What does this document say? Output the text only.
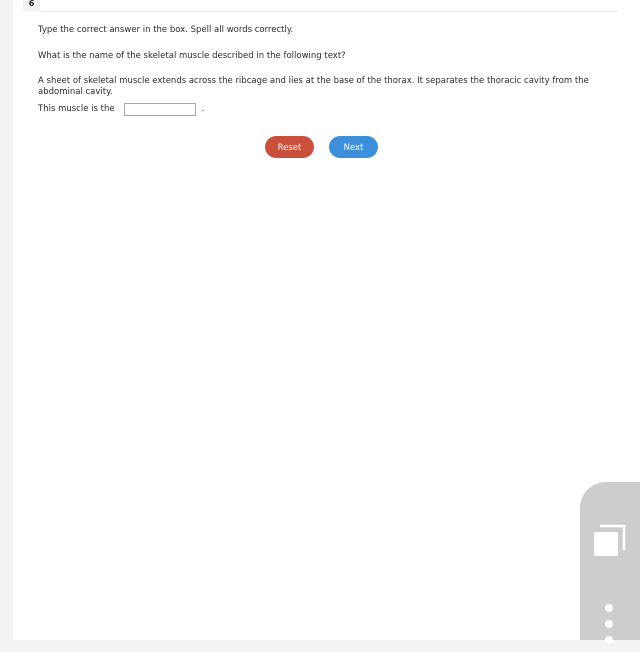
6
Type the correct answer in the box. Spell all words correctly.
What is the name of the skeletal muscle described in the following text?
A sheet of skeletal muscle extends across the ribcage and lies at the base of the thorax. It separates the thoracic cavity from the abdominal cavity.
This muscle is the	.
Reset	Next
